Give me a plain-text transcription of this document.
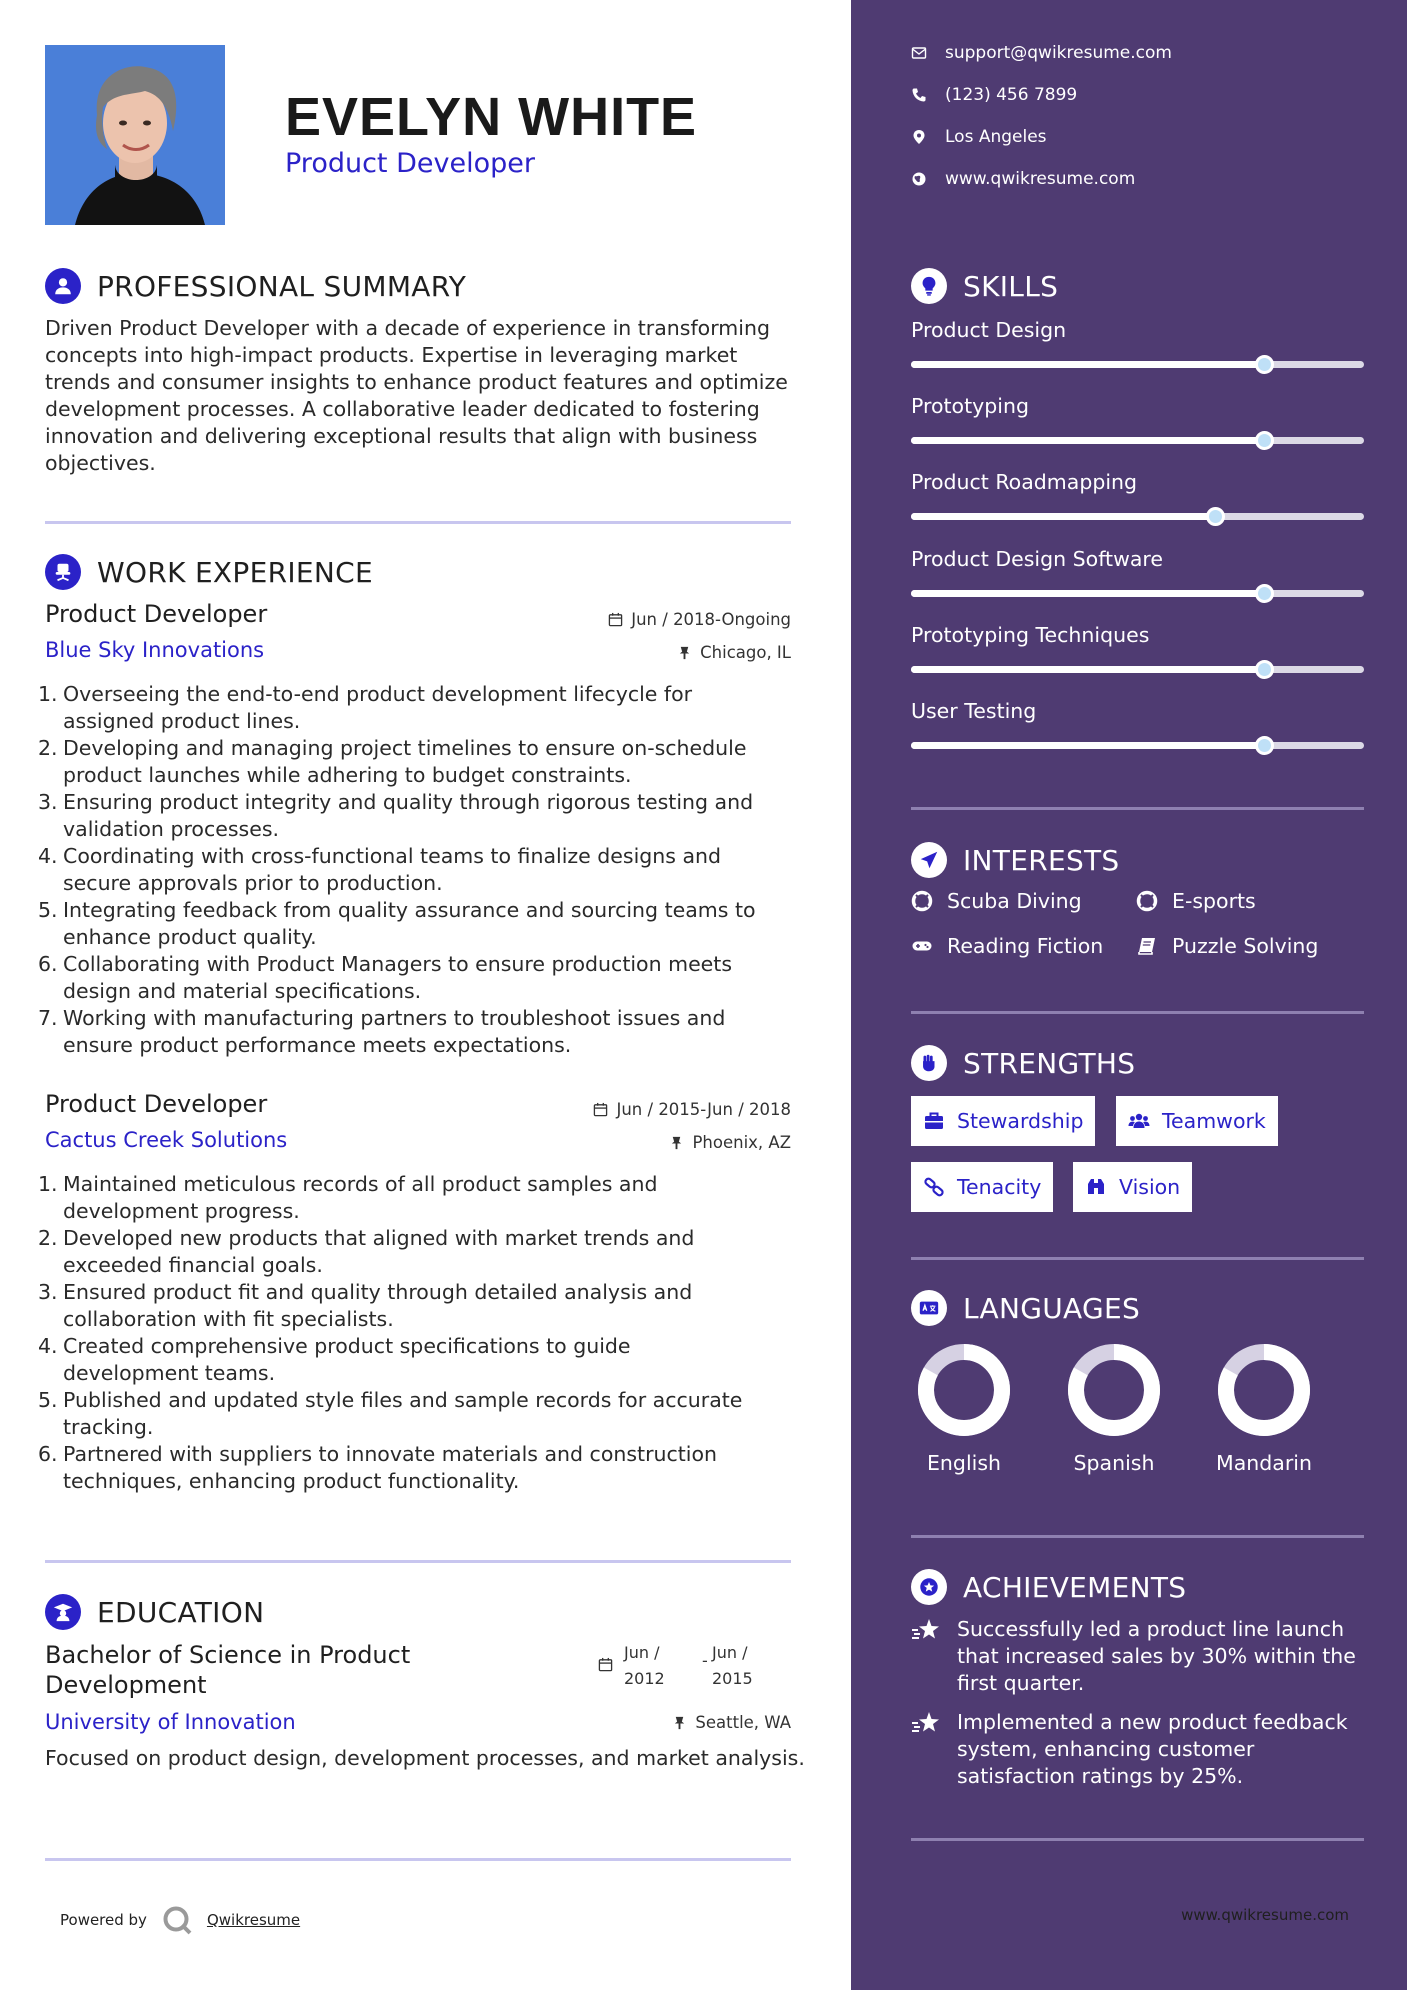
EVELYN WHITE
Product Developer
PROFESSIONAL SUMMARY
Driven Product Developer with a decade of experience in transforming concepts into high-impact products. Expertise in leveraging market trends and consumer insights to enhance product features and optimize development processes. A collaborative leader dedicated to fostering innovation and delivering exceptional results that align with business objectives.
WORK EXPERIENCE
Product Developer	Jun / 2018-Ongoing
Blue Sky Innovations	Chicago, IL
1. Overseeing the end-to-end product development lifecycle for
assigned product lines.
2. Developing and managing project timelines to ensure on-schedule
product launches while adhering to budget constraints.
3. Ensuring product integrity and quality through rigorous testing and
validation processes.
4. Coordinating with cross-functional teams to finalize designs and
secure approvals prior to production.
5. Integrating feedback from quality assurance and sourcing teams to
enhance product quality.
6. Collaborating with Product Managers to ensure production meets
design and material specifications.
7. Working with manufacturing partners to troubleshoot issues and
ensure product performance meets expectations.
Product Developer	Jun / 2015-Jun / 2018
Cactus Creek Solutions	Phoenix, AZ
1. Maintained meticulous records of all product samples and
development progress.
2. Developed new products that aligned with market trends and
exceeded financial goals.
3. Ensured product fit and quality through detailed analysis and
collaboration with fit specialists.
4. Created comprehensive product specifications to guide
development teams.
5. Published and updated style files and sample records for accurate
tracking.
6. Partnered with suppliers to innovate materials and construction
techniques, enhancing product functionality.
EDUCATION
Bachelor of Science in Product
Development
University of Innovation
Jun /
2012
- Jun /
2015
Seattle, WA
Focused on product design, development processes, and market analysis.
Powered by	Qwikresume
support@qwikresume.com
(123) 456 7899
Los Angeles
www.qwikresume.com
SKILLS
Product Design
Prototyping
Product Roadmapping
Product Design Software
Prototyping Techniques
User Testing
INTERESTS
Scuba Diving	E-sports
Reading Fiction	Puzzle Solving
STRENGTHS
Stewardship	Teamwork
Tenacity	Vision
LANGUAGES
English	Spanish	Mandarin
ACHIEVEMENTS
Successfully led a product line launch
that increased sales by 30% within the
first quarter.
Implemented a new product feedback
system, enhancing customer
satisfaction ratings by 25%.
www.qwikresume.com
